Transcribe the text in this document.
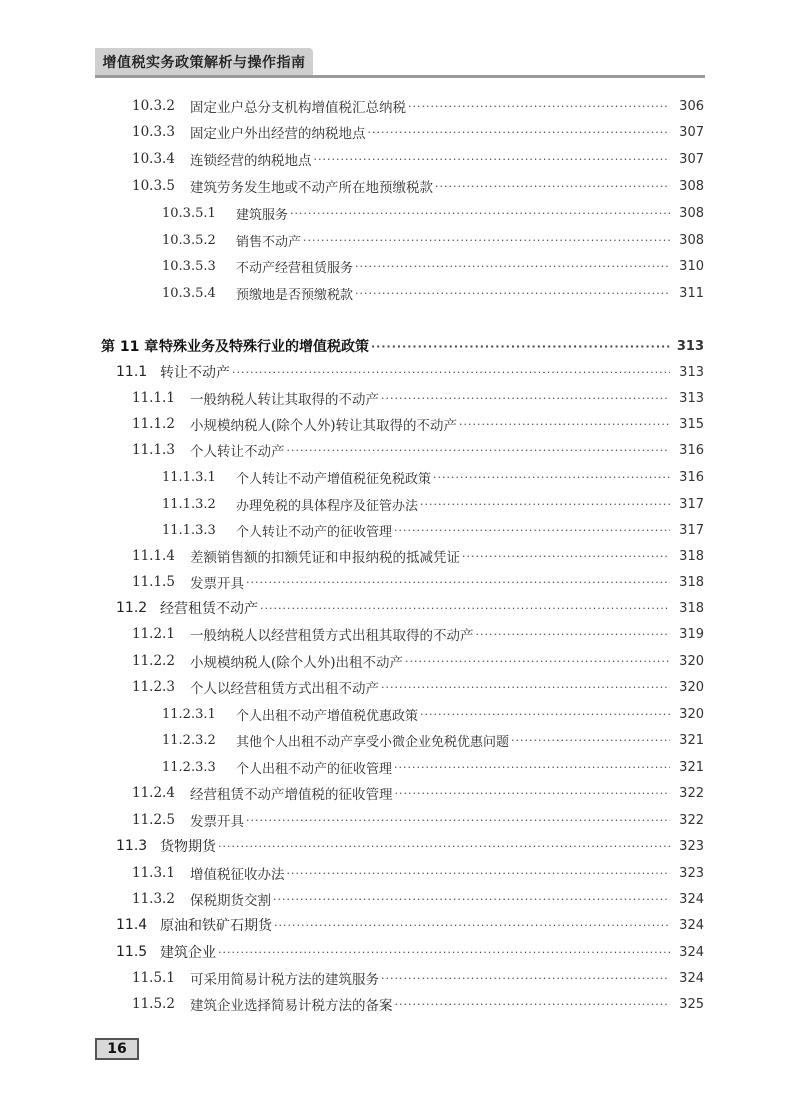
增值税实务政策解析与操作指南
10.3.2	固定业户总分支机构增值税汇总纳税 ·····	306
10.3.3	固定业户外出经营的纳税地点 ·····	307
10.3.4	连锁经营的纳税地点 ·····	307
10.3.5	建筑劳务发生地或不动产所在地预缴税款 ·····	308
10.3.5.1	建筑服务 ·····	308
10.3.5.2	销售不动产 ·····	308
10.3.5.3	不动产经营租赁服务 ·····	310
10.3.5.4	预缴地是否预缴税款 ·····	311
第 11 章 特殊业务及特殊行业的增值税政策 ·····	313
11.1 转让不动产 ·····	313
11.1.1	一般纳税人转让其取得的不动产 ·····	313
11.1.2	小规模纳税人(除个人外)转让其取得的不动产 ·····	315
11.1.3	个人转让不动产 ·····	316
11.1.3.1	个人转让不动产增值税征免税政策 ·····	316
11.1.3.2	办理免税的具体程序及征管办法 ·····	317
11.1.3.3	个人转让不动产的征收管理 ·····	317
11.1.4	差额销售额的扣额凭证和申报纳税的抵减凭证 ·····	318
11.1.5	发票开具 ·····	318
11.2 经营租赁不动产 ·····	318
11.2.1	一般纳税人以经营租赁方式出租其取得的不动产 ·····	319
11.2.2	小规模纳税人(除个人外)出租不动产 ·····	320
11.2.3	个人以经营租赁方式出租不动产 ·····	320
11.2.3.1	个人出租不动产增值税优惠政策 ·····	320
11.2.3.2	其他个人出租不动产享受小微企业免税优惠问题 ·····	321
11.2.3.3	个人出租不动产的征收管理 ·····	321
11.2.4	经营租赁不动产增值税的征收管理 ·····	322
11.2.5	发票开具 ·····	322
11.3 货物期货 ·····	323
11.3.1	增值税征收办法 ·····	323
11.3.2	保税期货交割 ·····	324
11.4 原油和铁矿石期货 ·····	324
11.5 建筑企业 ·····	324
11.5.1	可采用简易计税方法的建筑服务 ·····	324
11.5.2	建筑企业选择简易计税方法的备案 ·····	325
16
